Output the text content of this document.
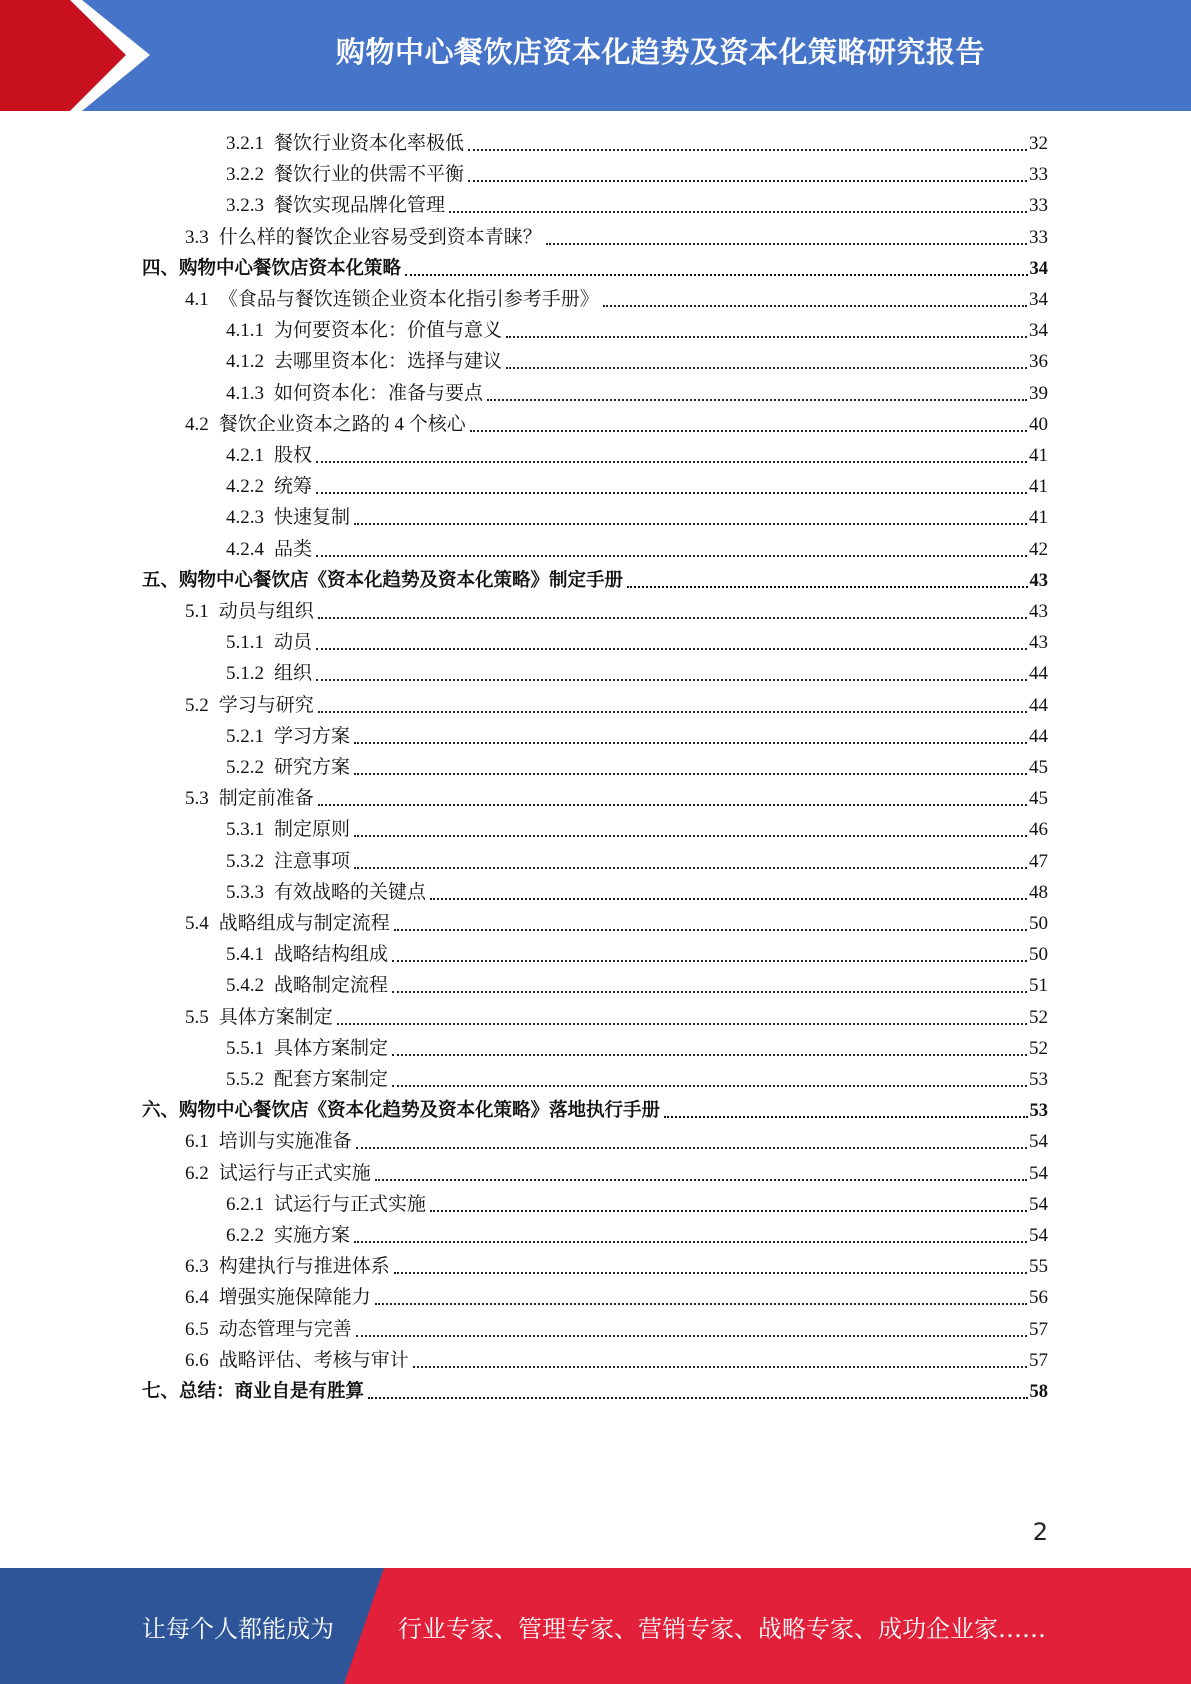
购物中心餐饮店资本化趋势及资本化策略研究报告
3.2.1 餐饮行业资本化率极低	32
3.2.2 餐饮行业的供需不平衡	33
3.2.3 餐饮实现品牌化管理	33
3.3 什么样的餐饮企业容易受到资本青睐？	33
四、购物中心餐饮店资本化策略	34
4.1 《食品与餐饮连锁企业资本化指引参考手册》	34
4.1.1 为何要资本化：价值与意义	34
4.1.2 去哪里资本化：选择与建议	36
4.1.3 如何资本化：准备与要点	39
4.2 餐饮企业资本之路的 4 个核心	40
4.2.1 股权	41
4.2.2 统筹	41
4.2.3 快速复制	41
4.2.4 品类	42
五、购物中心餐饮店《资本化趋势及资本化策略》制定手册	43
5.1 动员与组织	43
5.1.1 动员	43
5.1.2 组织	44
5.2 学习与研究	44
5.2.1 学习方案	44
5.2.2 研究方案	45
5.3 制定前准备	45
5.3.1 制定原则	46
5.3.2 注意事项	47
5.3.3 有效战略的关键点	48
5.4 战略组成与制定流程	50
5.4.1 战略结构组成	50
5.4.2 战略制定流程	51
5.5 具体方案制定	52
5.5.1 具体方案制定	52
5.5.2 配套方案制定	53
六、购物中心餐饮店《资本化趋势及资本化策略》落地执行手册	53
6.1 培训与实施准备	54
6.2 试运行与正式实施	54
6.2.1 试运行与正式实施	54
6.2.2 实施方案	54
6.3 构建执行与推进体系	55
6.4 增强实施保障能力	56
6.5 动态管理与完善	57
6.6 战略评估、考核与审计	57
七、总结：商业自是有胜算	58
2
让每个人都能成为	行业专家、管理专家、营销专家、战略专家、成功企业家……
